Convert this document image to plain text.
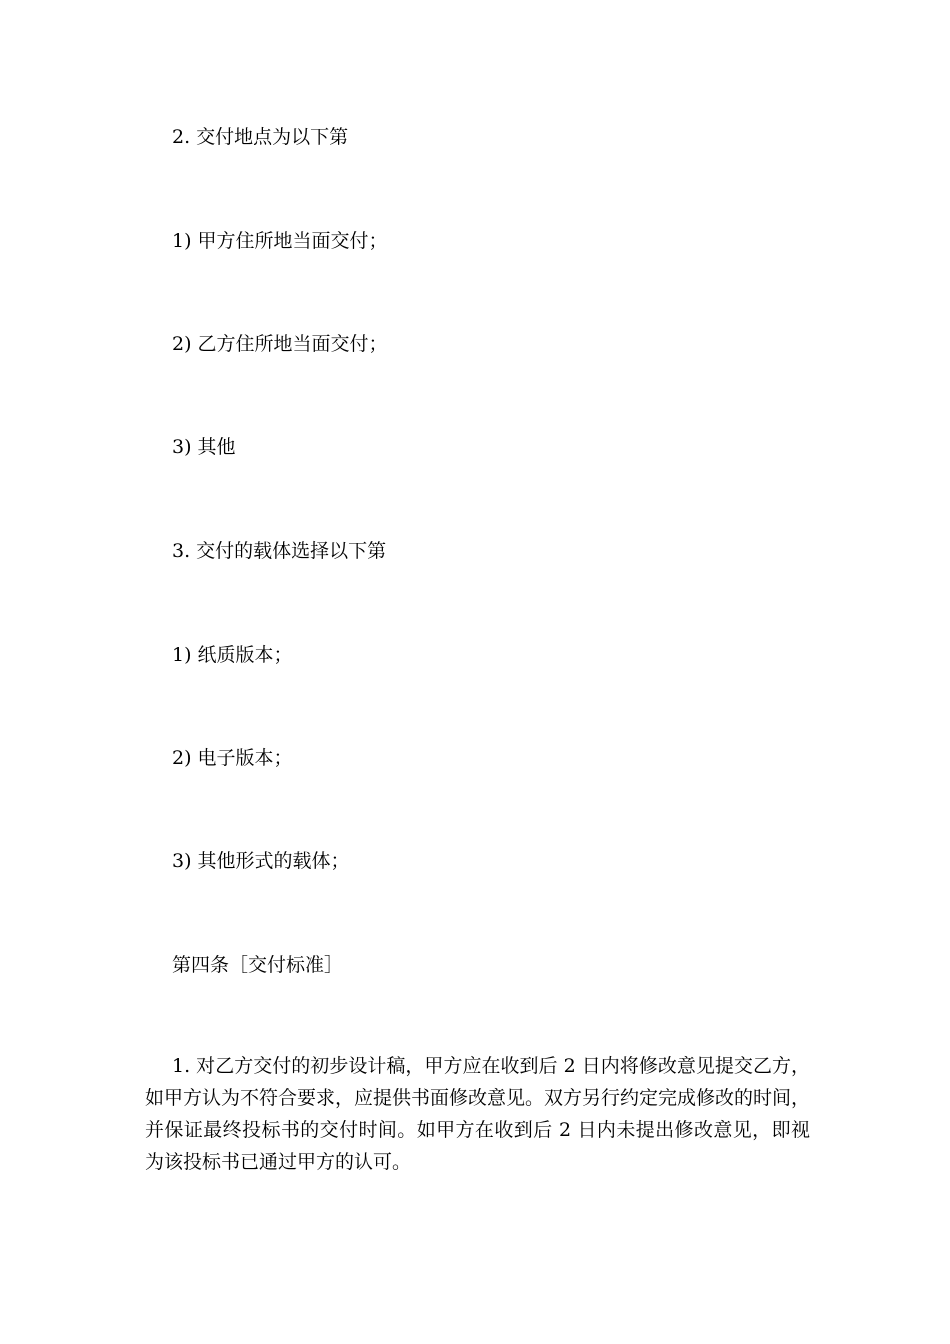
2. 交付地点为以下第
1) 甲方住所地当面交付；
2) 乙方住所地当面交付；
3) 其他
3. 交付的载体选择以下第
1) 纸质版本；
2) 电子版本；
3) 其他形式的载体；
第四条［交付标准］
1. 对乙方交付的初步设计稿，甲方应在收到后 2 日内将修改意见提交乙方，如甲方认为不符合要求，应提供书面修改意见。双方另行约定完成修改的时间，并保证最终投标书的交付时间。如甲方在收到后 2 日内未提出修改意见，即视为该投标书已通过甲方的认可。
